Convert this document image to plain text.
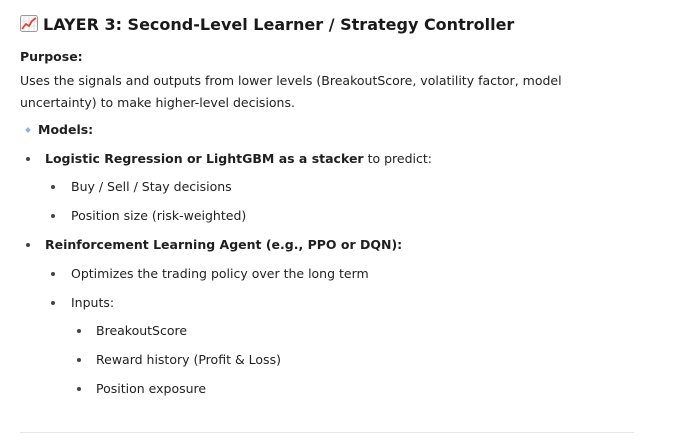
LAYER 3: Second-Level Learner / Strategy Controller
Purpose:
Uses the signals and outputs from lower levels (BreakoutScore, volatility factor, model uncertainty) to make higher-level decisions.
Models:
Logistic Regression or LightGBM as a stacker to predict:
Buy / Sell / Stay decisions
Position size (risk-weighted)
Reinforcement Learning Agent (e.g., PPO or DQN):
Optimizes the trading policy over the long term
Inputs:
BreakoutScore
Reward history (Profit & Loss)
Position exposure
